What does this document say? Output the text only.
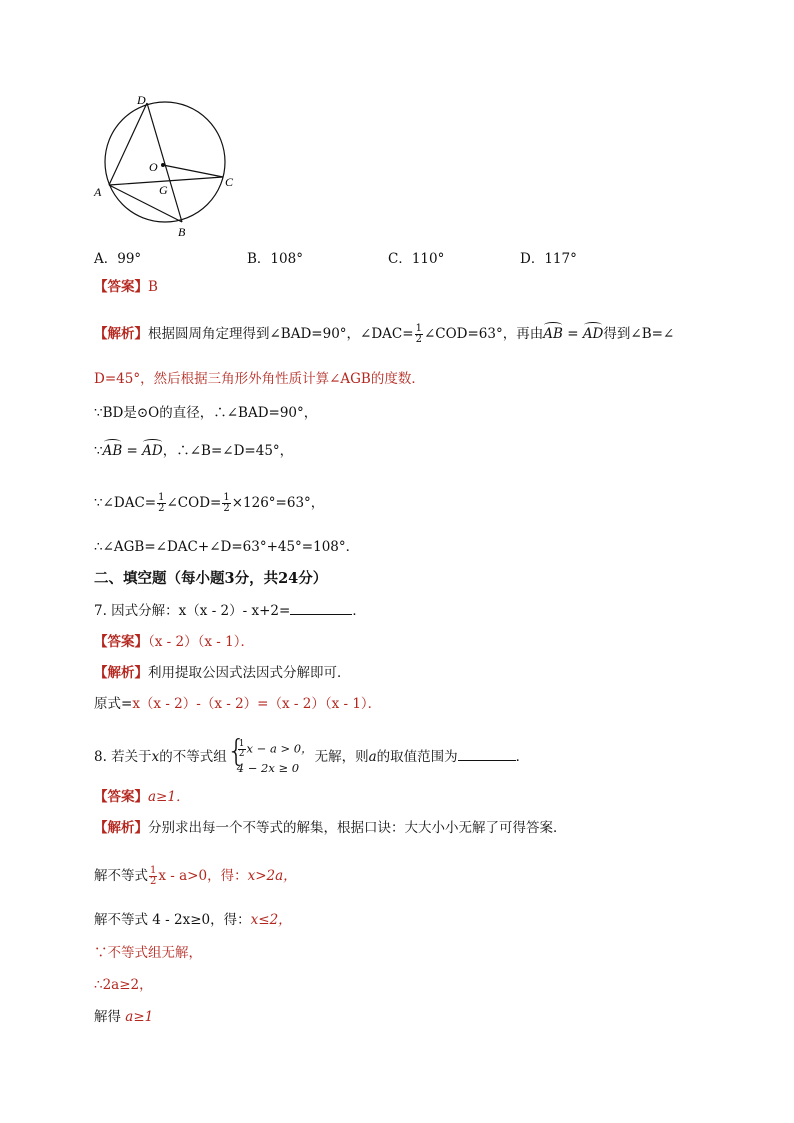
D
O
A	G
C
B
A．99°	B．108°	C．110°	D．117°
【答案】B
【解析】根据圆周角定理得到∠BAD=90°，∠DAC= $\frac{1}{2}$ ∠COD=63°，再由AB = AD得到∠B=∠
D=45°，然后根据三角形外角性质计算∠AGB的度数．
∵BD是⊙O的直径，∴∠BAD=90°，
∵AB = AD，∴∠B=∠D=45°，
∵∠DAC= $\frac{1}{2}$ ∠COD= $\frac{1}{2} \times 126^\circ=63^\circ$，
∴∠AGB=∠DAC+∠D=63°+45°=108°．
二、填空题（每小题3分，共24分）
7. 因式分解：x（x - 2）- x+2=	．
【答案】（x - 2）（x - 1）．
【解析】利用提取公因式法因式分解即可．
原式=x（x - 2）-（x - 2）=（x - 2）（x - 1）．
8. 若关于x的不等式组
{ $\frac{1}{2}$ x − a > 0，
4 − 2x ≥ 0
无解，则a的取值范围为	．
【答案】a≥1．
【解析】分别求出每一个不等式的解集，根据口诀：大大小小无解了可得答案．
解不等式 $\frac{1}{2}$ x - a>0，得：x>2a，
解不等式 4 - 2x≥0，得：x≤2，
∵不等式组无解，
∴2a≥2，
解得 a≥1
